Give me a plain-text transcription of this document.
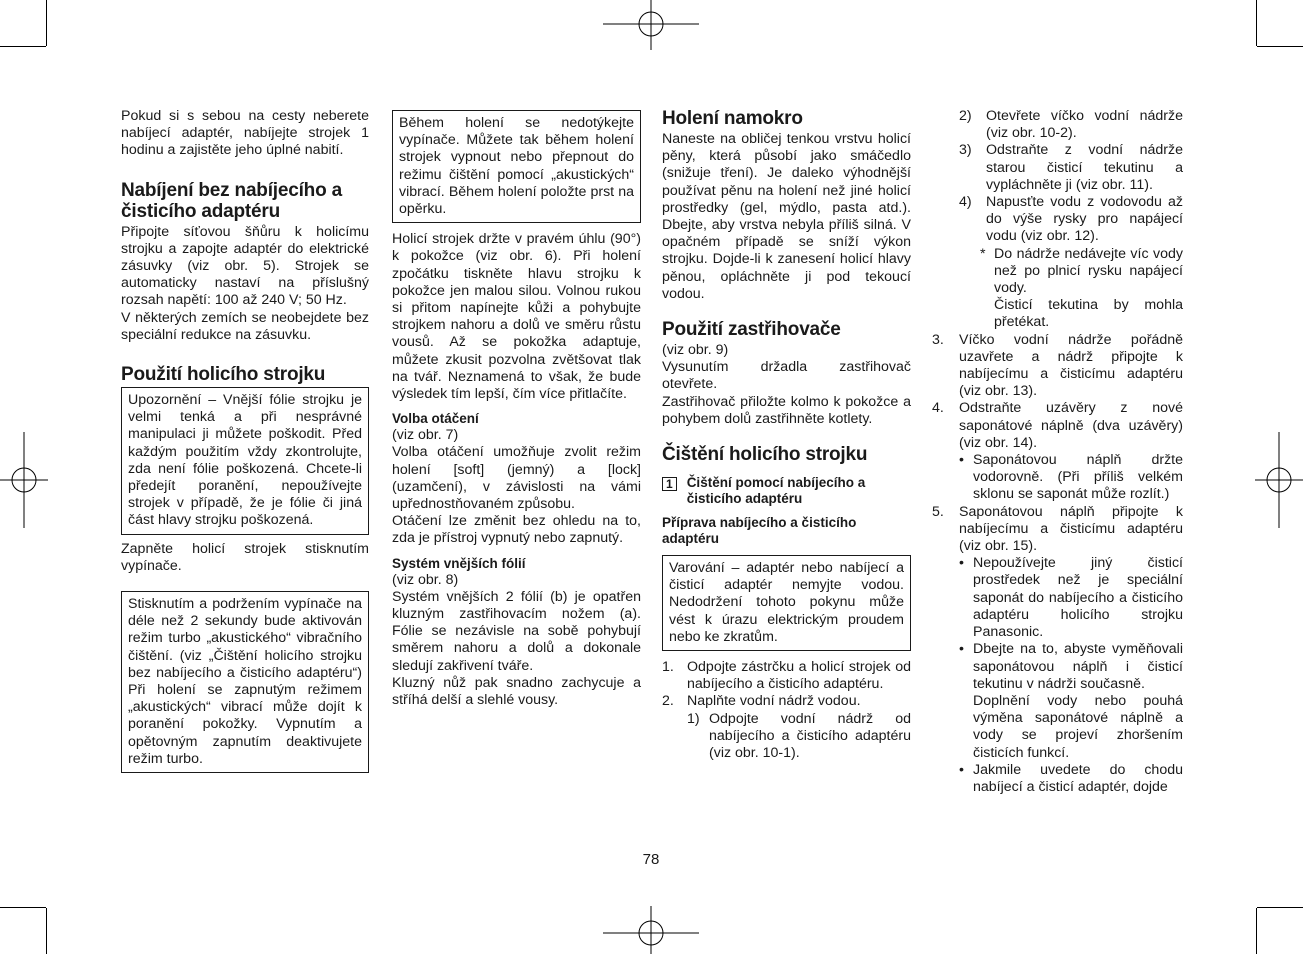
Pokud si s sebou na cesty neberete nabíjecí adaptér, nabíjejte strojek 1 hodinu a zajistěte jeho úplné nabití.

Nabíjení bez nabíjecího a čisticího adaptéru

Připojte síťovou šňůru k holicímu strojku a zapojte adaptér do elektrické zásuvky (viz obr. 5). Strojek se automaticky nastaví na příslušný rozsah napětí: 100 až 240 V; 50 Hz.

V některých zemích se neobejdete bez speciální redukce na zásuvku.

Použití holicího strojku

Upozornění – Vnější fólie strojku je velmi tenká a při nesprávné manipulaci ji můžete poškodit. Před každým použitím vždy zkontrolujte, zda není fólie poškozená. Chcete-li předejít poranění, nepoužívejte strojek v případě, že je fólie či jiná část hlavy strojku poškozená.

Zapněte holicí strojek stisknutím vypínače.

Stisknutím a podržením vypínače na déle než 2 sekundy bude aktivován režim turbo „akustického“ vibračního čištění. (viz „Čištění holicího strojku bez nabíjecího a čisticího adaptéru“) Při holení se zapnutým režimem „akustických“ vibrací může dojít k poranění pokožky. Vypnutím a opětovným zapnutím deaktivujete režim turbo.

Během holení se nedotýkejte vypínače. Můžete tak během holení strojek vypnout nebo přepnout do režimu čištění pomocí „akustických“ vibrací. Během holení položte prst na opěrku.

Holicí strojek držte v pravém úhlu (90°) k pokožce (viz obr. 6). Při holení zpočátku tiskněte hlavu strojku k pokožce jen malou silou. Volnou rukou si přitom napínejte kůži a pohybujte strojkem nahoru a dolů ve směru růstu vousů. Až se pokožka adaptuje, můžete zkusit pozvolna zvětšovat tlak na tvář. Neznamená to však, že bude výsledek tím lepší, čím více přitlačíte.

Volba otáčení

(viz obr. 7)

Volba otáčení umožňuje zvolit režim holení [soft] (jemný) a [lock] (uzamčení), v závislosti na vámi upřednostňovaném způsobu.

Otáčení lze změnit bez ohledu na to, zda je přístroj vypnutý nebo zapnutý.

Systém vnějších fólií

(viz obr. 8)

Systém vnějších 2 fólií (b) je opatřen kluzným zastřihovacím nožem (a). Fólie se nezávisle na sobě pohybují směrem nahoru a dolů a dokonale sledují zakřivení tváře.

Kluzný nůž pak snadno zachycuje a stříhá delší a slehlé vousy.

Holení namokro

Naneste na obličej tenkou vrstvu holicí pěny, která působí jako smáčedlo (snižuje tření). Je daleko výhodnější používat pěnu na holení než jiné holicí prostředky (gel, mýdlo, pasta atd.). Dbejte, aby vrstva nebyla příliš silná. V opačném případě se sníží výkon strojku. Dojde-li k zanesení holicí hlavy pěnou, opláchněte ji pod tekoucí vodou.

Použití zastřihovače

(viz obr. 9)

Vysunutím držadla zastřihovač otevřete.

Zastřihovač přiložte kolmo k pokožce a pohybem dolů zastřihněte kotlety.

Čištění holicího strojku
1 Čištění pomocí nabíjecího a čisticího adaptéru
Příprava nabíjecího a čisticího adaptéru

Varování – adaptér nebo nabíjecí a čisticí adaptér nemyjte vodou. Nedodržení tohoto pokynu může vést k úrazu elektrickým proudem nebo ke zkratům.

1. Odpojte zástrčku a holicí strojek od nabíjecího a čisticího adaptéru.
2. Naplňte vodní nádrž vodou.
1) Odpojte vodní nádrž od nabíjecího a čisticího adaptéru (viz obr. 10-1).
2)	Otevřete víčko vodní nádrže (viz obr. 10-2).
3)	Odstraňte z vodní nádrže starou čisticí tekutinu a vypláchněte ji (viz obr. 11).
4)	Napusťte vodu z vodovodu až do výše rysky pro napájecí vodu (viz obr. 12).
* Do nádrže nedávejte víc vody než po plnicí rysku napájecí vody.
Čisticí tekutina by mohla přetékat.
3.	Víčko vodní nádrže pořádně uzavřete a nádrž připojte k nabíjecímu a čisticímu adaptéru (viz obr. 13).
4.	Odstraňte uzávěry z nové saponátové náplně (dva uzávěry) (viz obr. 14).
• Saponátovou náplň držte vodorovně. (Při příliš velkém sklonu se saponát může rozlít.)
5.	Saponátovou náplň připojte k nabíjecímu a čisticímu adaptéru (viz obr. 15).
• Nepoužívejte jiný čisticí prostředek než je speciální saponát do nabíjecího a čisticího adaptéru holicího strojku Panasonic.
• Dbejte na to, abyste vyměňovali saponátovou náplň i čisticí tekutinu v nádrži současně.
Doplnění vody nebo pouhá výměna saponátové náplně a vody se projeví zhoršením čisticích funkcí.
• Jakmile uvedete do chodu nabíjecí a čisticí adaptér, dojde
78
